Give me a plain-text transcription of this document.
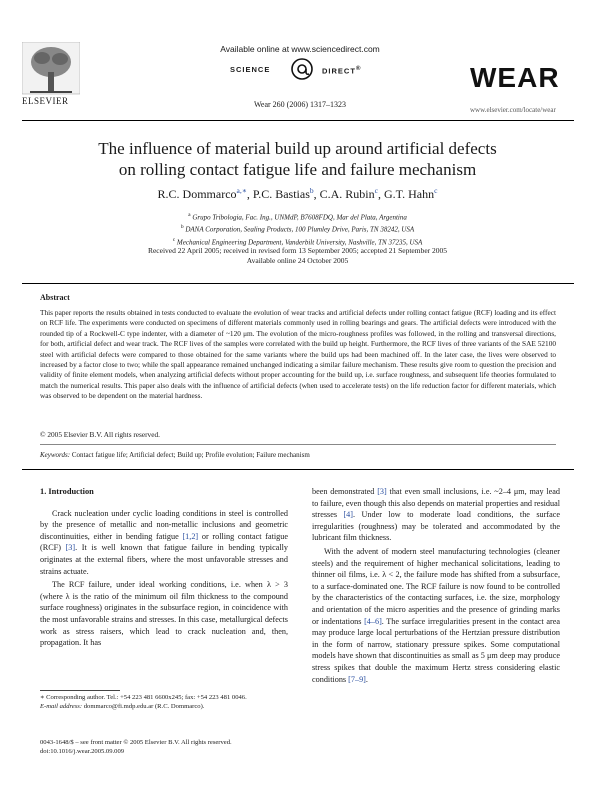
ELSEVIER
Available online at www.sciencedirect.com
SCIENCE	DIRECT®
Wear 260 (2006) 1317–1323
WEAR
www.elsevier.com/locate/wear
The influence of material build up around artificial defects
on rolling contact fatigue life and failure mechanism
R.C. Dommarco$^{a,∗}$, P.C. Bastias$^b$, C.A. Rubin$^c$, G.T. Hahn$^c$
$^a$ Grupo Tribologia, Fac. Ing., UNMdP, B7608FDQ, Mar del Plata, Argentina
$^b$ DANA Corporation, Sealing Products, 100 Plumley Drive, Paris, TN 38242, USA
$^c$ Mechanical Engineering Department, Vanderbilt University, Nashville, TN 37235, USA
Received 22 April 2005; received in revised form 13 September 2005; accepted 21 September 2005
Available online 24 October 2005
Abstract
This paper reports the results obtained in tests conducted to evaluate the evolution of wear tracks and artificial defects under rolling contact fatigue (RCF) loading and its effect on RCF life. The experiments were conducted on specimens of different materials commonly used in rolling bearings and gears. The artificial defects were introduced with the rounded tip of a Rockwell-C type indenter, with a diameter of ~120 μm. The evolution of the micro-roughness profiles was followed, in the rolling and transversal directions, for both, artificial defect and wear track. The RCF lives of the samples were correlated with the build up height. Furthermore, the RCF lives of three variants of the SAE 52100 steel with artificial defects were compared to those obtained for the same variants where the build ups had been machined off. In the later case, the lives were observed to increased by a factor close to two; while the spall appearance remained unchanged indicating a similar failure mechanism. These results give room to question the precision and validity of finite element models, when analyzing artificial defects without proper accounting for the build up, i.e. surface roughness, and subsequent life theories formulated to match the numerical results. This paper also deals with the influence of artificial defects (when used to accelerate tests) on the life reduction factor for different materials, which was observed to be dependent on the material hardness.
© 2005 Elsevier B.V. All rights reserved.
Keywords: Contact fatigue life; Artificial defect; Build up; Profile evolution; Failure mechanism
1. Introduction

Crack nucleation under cyclic loading conditions in steel is controlled by the presence of metallic and non-metallic inclusions and geometric discontinuities, either in bending fatigue [1,2] or rolling contact fatigue (RCF) [3]. It is well known that fatigue failure in bending typically originates at the external fibers, where the most unfavorable stresses and strains actuate.

The RCF failure, under ideal working conditions, i.e. when λ > 3 (where λ is the ratio of the minimum oil film thickness to the compound surface roughness) originates in the subsurface region, in coincidence with the most unfavorable strains and stresses. In this case, metallurgical defects work as stress raisers, which lead to crack nucleation and, then, propagation. It has

been demonstrated [3] that even small inclusions, i.e. ~2–4 μm, may lead to failure, even though this also depends on material properties and residual stresses [4]. Under low to moderate load conditions, the surface irregularities (roughness) may be tolerated and accommodated by the lubricant film thickness.

With the advent of modern steel manufacturing technologies (cleaner steels) and the requirement of higher mechanical solicitations, leading to thinner oil films, i.e. λ < 2, the failure mode has shifted from a subsurface, to a surface-dominated one. The RCF failure is now found to be controlled by the characteristics of the contacting surfaces, i.e. the size, morphology and orientation of the micro asperities and the presence of grinding marks or indentations [4–6]. The surface irregularities present in the contact area may produce large local perturbations of the Hertzian pressure distribution in the form of narrow, stationary pressure spikes. Some computational models have shown that discontinuities as small as 5 μm deep may produce stress spikes that double the maximum Hertz stress considering elastic conditions [7–9].

∗ Corresponding author. Tel.: +54 223 481 6600x245; fax: +54 223 481 0046.
E-mail address: dommarco@fi.mdp.edu.ar (R.C. Dommarco).
0043-1648/$ – see front matter © 2005 Elsevier B.V. All rights reserved.
doi:10.1016/j.wear.2005.09.009
